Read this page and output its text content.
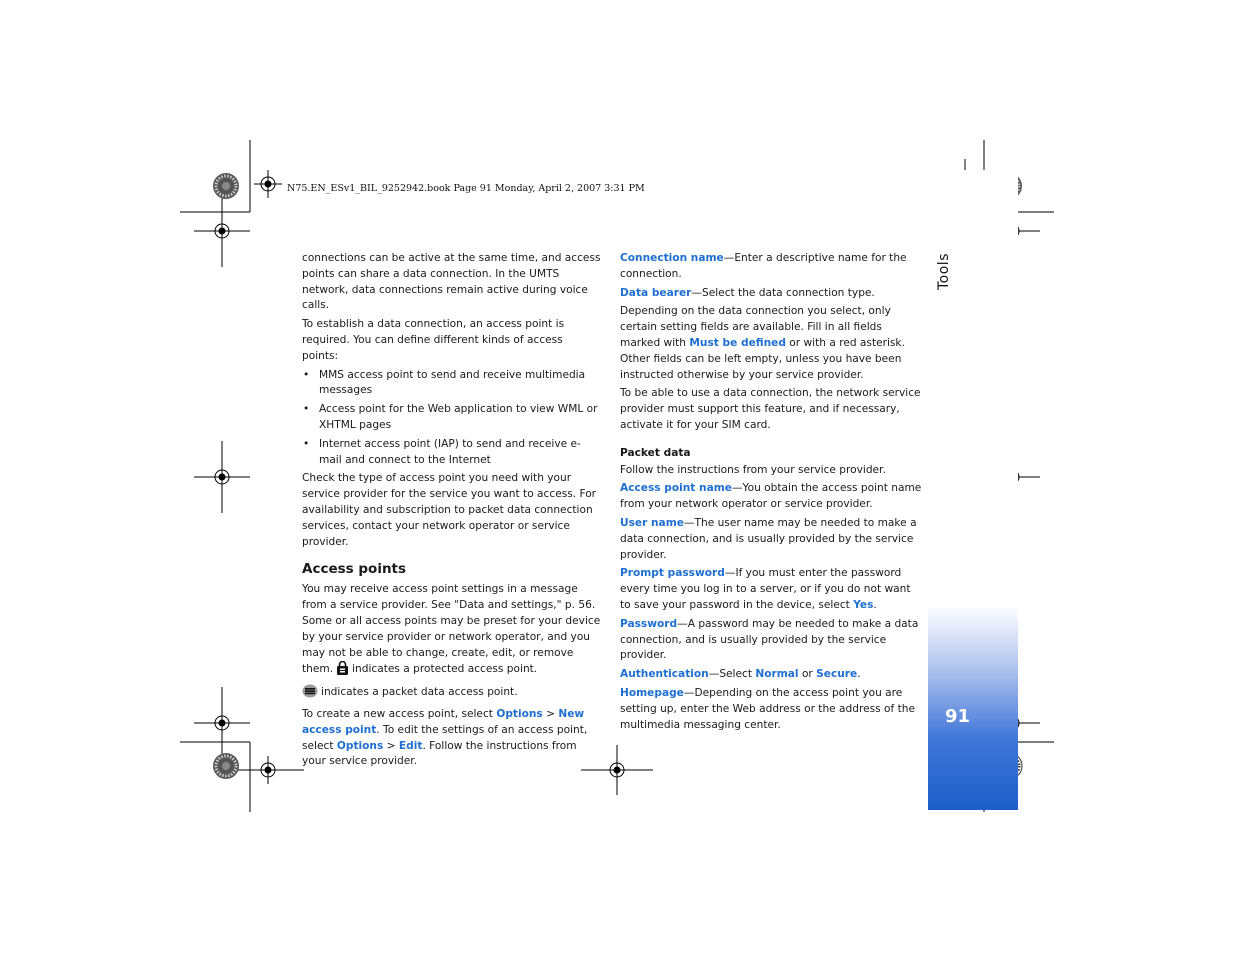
N75.EN_ESv1_BIL_9252942.book Page 91 Monday, April 2, 2007 3:31 PM
Tools
91

connections can be active at the same time, and access points can share a data connection. In the UMTS network, data connections remain active during voice calls.

To establish a data connection, an access point is required. You can define different kinds of access points:

• MMS access point to send and receive multimedia messages
• Access point for the Web application to view WML or XHTML pages
• Internet access point (IAP) to send and receive e-mail and connect to the Internet

Check the type of access point you need with your service provider for the service you want to access. For availability and subscription to packet data connection services, contact your network operator or service provider.

Access points

You may receive access point settings in a message from a service provider. See "Data and settings," p. 56. Some or all access points may be preset for your device by your service provider or network operator, and you may not be able to change, create, edit, or remove them. indicates a protected access point.

indicates a packet data access point.

To create a new access point, select Options > New access point. To edit the settings of an access point, select Options > Edit. Follow the instructions from your service provider.

Connection name—Enter a descriptive name for the connection.

Data bearer—Select the data connection type.

Depending on the data connection you select, only certain setting fields are available. Fill in all fields marked with Must be defined or with a red asterisk. Other fields can be left empty, unless you have been instructed otherwise by your service provider.

To be able to use a data connection, the network service provider must support this feature, and if necessary, activate it for your SIM card.

Packet data

Follow the instructions from your service provider.

Access point name—You obtain the access point name from your network operator or service provider.

User name—The user name may be needed to make a data connection, and is usually provided by the service provider.

Prompt password—If you must enter the password every time you log in to a server, or if you do not want to save your password in the device, select Yes.

Password—A password may be needed to make a data connection, and is usually provided by the service provider.

Authentication—Select Normal or Secure.

Homepage—Depending on the access point you are setting up, enter the Web address or the address of the multimedia messaging center.
